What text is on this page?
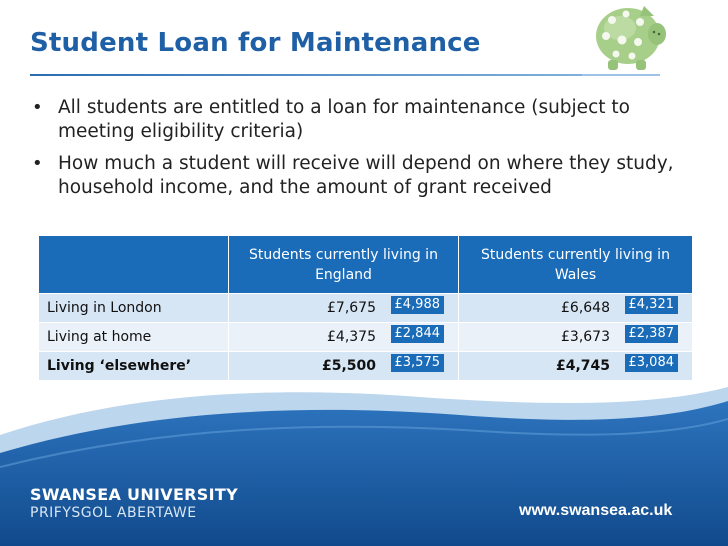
Student Loan for Maintenance
• All students are entitled to a loan for maintenance (subject to meeting eligibility criteria)
• How much a student will receive will depend on where they study, household income, and the amount of grant received
	Students currently living in England	Students currently living in Wales
Living in London	£7,675 £4,988	£6,648 £4,321

Living at home	£4,375 £2,844	£3,673 £2,387

Living ‘elsewhere’	£5,500 £3,575	£4,745 £3,084
SWANSEA UNIVERSITY
PRIFYSGOL ABERTAWE	www.swansea.ac.uk
